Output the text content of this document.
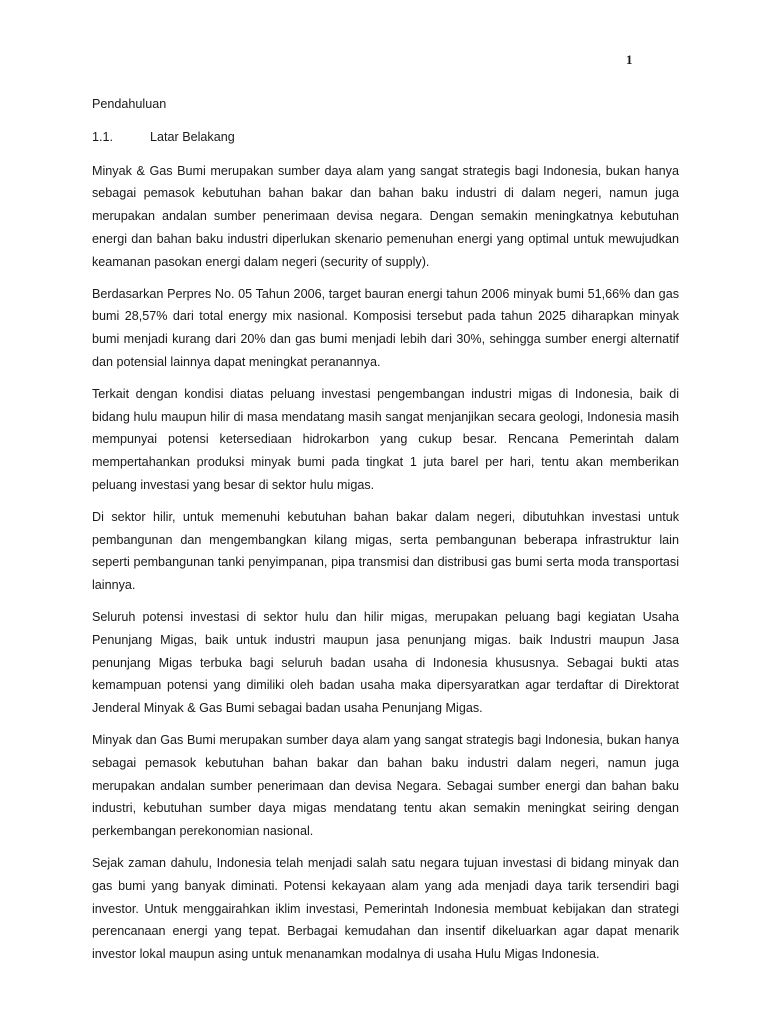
1
Pendahuluan
1.1.	Latar Belakang

Minyak & Gas Bumi merupakan sumber daya alam yang sangat strategis bagi Indonesia, bukan hanya sebagai pemasok kebutuhan bahan bakar dan bahan baku industri di dalam negeri, namun juga merupakan andalan sumber penerimaan devisa negara. Dengan semakin meningkatnya kebutuhan energi dan bahan baku industri diperlukan skenario pemenuhan energi yang optimal untuk mewujudkan keamanan pasokan energi dalam negeri (security of supply).

Berdasarkan Perpres No. 05 Tahun 2006, target bauran energi tahun 2006 minyak bumi 51,66% dan gas bumi 28,57% dari total energy mix nasional. Komposisi tersebut pada tahun 2025 diharapkan minyak bumi menjadi kurang dari 20% dan gas bumi menjadi lebih dari 30%, sehingga sumber energi alternatif dan potensial lainnya dapat meningkat peranannya.

Terkait dengan kondisi diatas peluang investasi pengembangan industri migas di Indonesia, baik di bidang hulu maupun hilir di masa mendatang masih sangat menjanjikan secara geologi, Indonesia masih mempunyai potensi ketersediaan hidrokarbon yang cukup besar. Rencana Pemerintah dalam mempertahankan produksi minyak bumi pada tingkat 1 juta barel per hari, tentu akan memberikan peluang investasi yang besar di sektor hulu migas.

Di sektor hilir, untuk memenuhi kebutuhan bahan bakar dalam negeri, dibutuhkan investasi untuk pembangunan dan mengembangkan kilang migas, serta pembangunan beberapa infrastruktur lain seperti pembangunan tanki penyimpanan, pipa transmisi dan distribusi gas bumi serta moda transportasi lainnya.

Seluruh potensi investasi di sektor hulu dan hilir migas, merupakan peluang bagi kegiatan Usaha Penunjang Migas, baik untuk industri maupun jasa penunjang migas. baik Industri maupun Jasa penunjang Migas terbuka bagi seluruh badan usaha di Indonesia khususnya. Sebagai bukti atas kemampuan potensi yang dimiliki oleh badan usaha maka dipersyaratkan agar terdaftar di Direktorat Jenderal Minyak & Gas Bumi sebagai badan usaha Penunjang Migas.

Minyak dan Gas Bumi merupakan sumber daya alam yang sangat strategis bagi Indonesia, bukan hanya sebagai pemasok kebutuhan bahan bakar dan bahan baku industri dalam negeri, namun juga merupakan andalan sumber penerimaan dan devisa Negara. Sebagai sumber energi dan bahan baku industri, kebutuhan sumber daya migas mendatang tentu akan semakin meningkat seiring dengan perkembangan perekonomian nasional.

Sejak zaman dahulu, Indonesia telah menjadi salah satu negara tujuan investasi di bidang minyak dan gas bumi yang banyak diminati. Potensi kekayaan alam yang ada menjadi daya tarik tersendiri bagi investor. Untuk menggairahkan iklim investasi, Pemerintah Indonesia membuat kebijakan dan strategi perencanaan energi yang tepat. Berbagai kemudahan dan insentif dikeluarkan agar dapat menarik investor lokal maupun asing untuk menanamkan modalnya di usaha Hulu Migas Indonesia.
